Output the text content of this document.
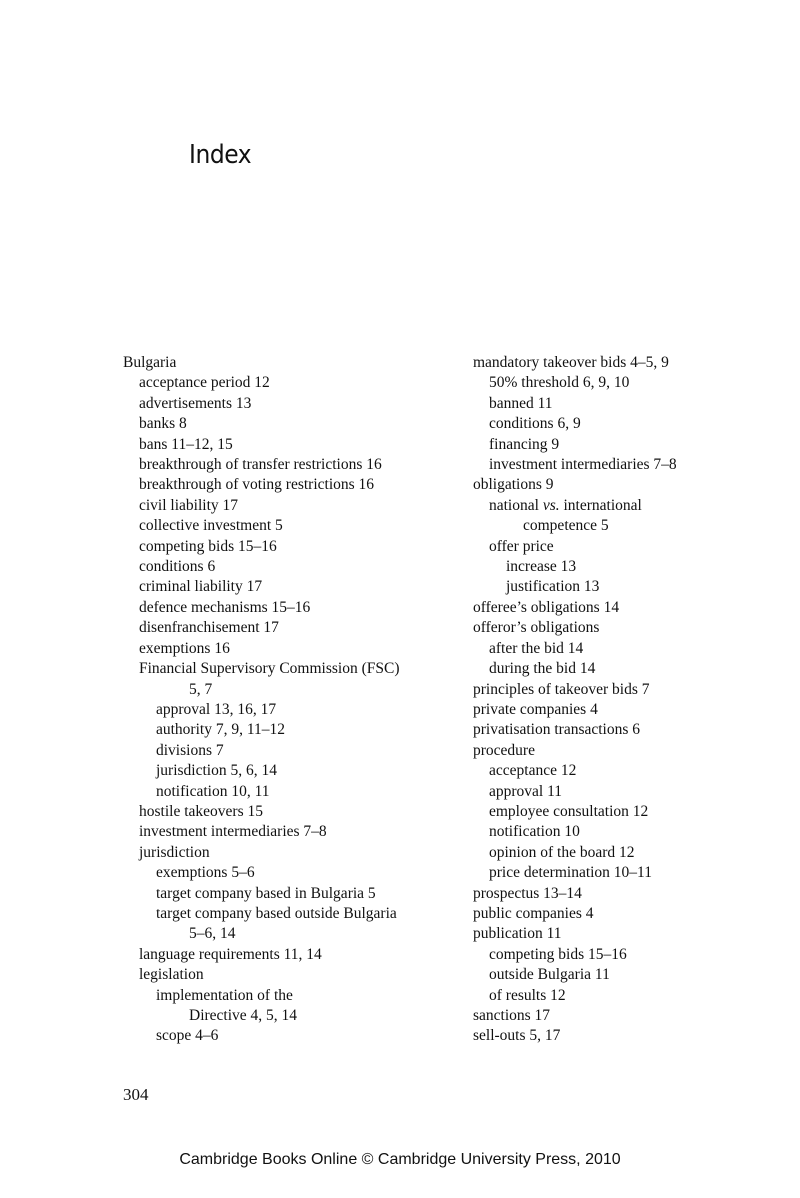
Index
Bulgaria
acceptance period 12
advertisements 13
banks 8
bans 11–12, 15
breakthrough of transfer restrictions 16
breakthrough of voting restrictions 16
civil liability 17
collective investment 5
competing bids 15–16
conditions 6
criminal liability 17
defence mechanisms 15–16
disenfranchisement 17
exemptions 16
Financial Supervisory Commission (FSC)
5, 7
approval 13, 16, 17
authority 7, 9, 11–12
divisions 7
jurisdiction 5, 6, 14
notification 10, 11
hostile takeovers 15
investment intermediaries 7–8
jurisdiction
exemptions 5–6
target company based in Bulgaria 5
target company based outside Bulgaria
5–6, 14
language requirements 11, 14
legislation
implementation of the
Directive 4, 5, 14
scope 4–6
mandatory takeover bids 4–5, 9
50% threshold 6, 9, 10
banned 11
conditions 6, 9
financing 9
investment intermediaries 7–8
obligations 9
national vs. international
competence 5
offer price
increase 13
justification 13
offeree’s obligations 14
offeror’s obligations
after the bid 14
during the bid 14
principles of takeover bids 7
private companies 4
privatisation transactions 6
procedure
acceptance 12
approval 11
employee consultation 12
notification 10
opinion of the board 12
price determination 10–11
prospectus 13–14
public companies 4
publication 11
competing bids 15–16
outside Bulgaria 11
of results 12
sanctions 17
sell-outs 5, 17
304
Cambridge Books Online © Cambridge University Press, 2010
